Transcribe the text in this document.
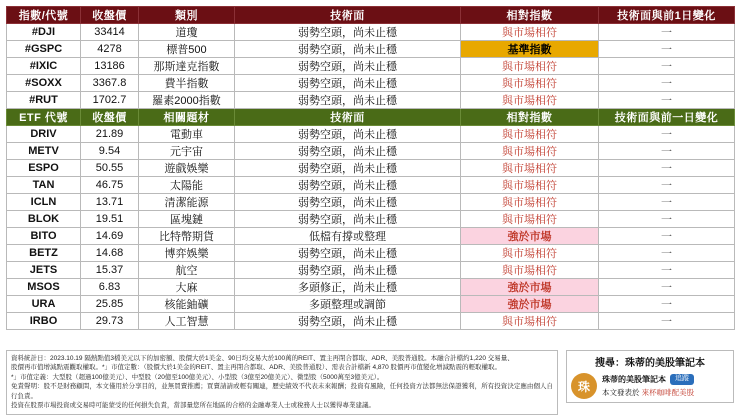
指數/代號	收盤價	類別	技術面	相對指數	技術面與前1日變化
#DJI	33414	道瓊	弱勢空頭，尚未止穩	與市場相符	一
#GSPC	4278	標普500	弱勢空頭，尚未止穩	基準指數	一
#IXIC	13186	那斯達克指數	弱勢空頭，尚未止穩	與市場相符	一
#SOXX	3367.8	費半指數	弱勢空頭，尚未止穩	與市場相符	一
#RUT	1702.7	羅素2000指數	弱勢空頭，尚未止穩	與市場相符	一
ETF 代號	收盤價	相關題材	技術面	相對指數	技術面與前一日變化
DRIV	21.89	電動車	弱勢空頭，尚未止穩	與市場相符	一
METV	9.54	元宇宙	弱勢空頭，尚未止穩	與市場相符	一
ESPO	50.55	遊戲娛樂	弱勢空頭，尚未止穩	與市場相符	一
TAN	46.75	太陽能	弱勢空頭，尚未止穩	與市場相符	一
ICLN	13.71	清潔能源	弱勢空頭，尚未止穩	與市場相符	一
BLOK	19.51	區塊鏈	弱勢空頭，尚未止穩	與市場相符	一
BITO	14.69	比特幣期貨	低檔有撐或整理	強於市場	一
BETZ	14.68	博弈娛樂	弱勢空頭，尚未止穩	與市場相符	一
JETS	15.37	航空	弱勢空頭，尚未止穩	與市場相符	一
MSOS	6.83	大麻	多頭修正，尚未止穩	強於市場	一
URA	25.85	核能鈾礦	多頭整理或調節	強於市場	一
IRBO	29.73	人工智慧	弱勢空頭，尚未止穩	與市場相符	一
資料統計日：2023.10.19 隔熱點值3檔美元以下的加密額、股價大於1美金、90日均交易大於100萬的REIT、置主再閉合都取、ADR、美股普通股。本融合計檔約1,220 交易量、
股價再市值增減點震觀取權取。*」市值定數：（股價大於1美金的REIT、置主再閉合都取、ADR、美股普通股）、需表合計檔新 4,870 股價再市值變化增減點震的輕取權取。
*」市值定義：大型股（超過100億美元）、中型股（20億至100億美元）、小型股（3億至20億美元）、微型股（5000萬至3億美元）。
免責聲明：股不是財務顧問，本文僅用於分享目的，並無買賣推薦；買賣請請或輕有關連，歷史績效不代表未來報酬；投資有風險，任何投資方法都無法保證獲利，所有投資決定應由個人自行負責。
投資在股票市場投資或交易時可能蒙受的任何損失負責，當部量您所在地區的合格的金融專業人士或稅務人士以獲得專業建議。
搜尋：珠蒂的美股筆記本
珠	珠蒂的美股筆記本	追蹤
本文發表於 來杯咖啡配美股
